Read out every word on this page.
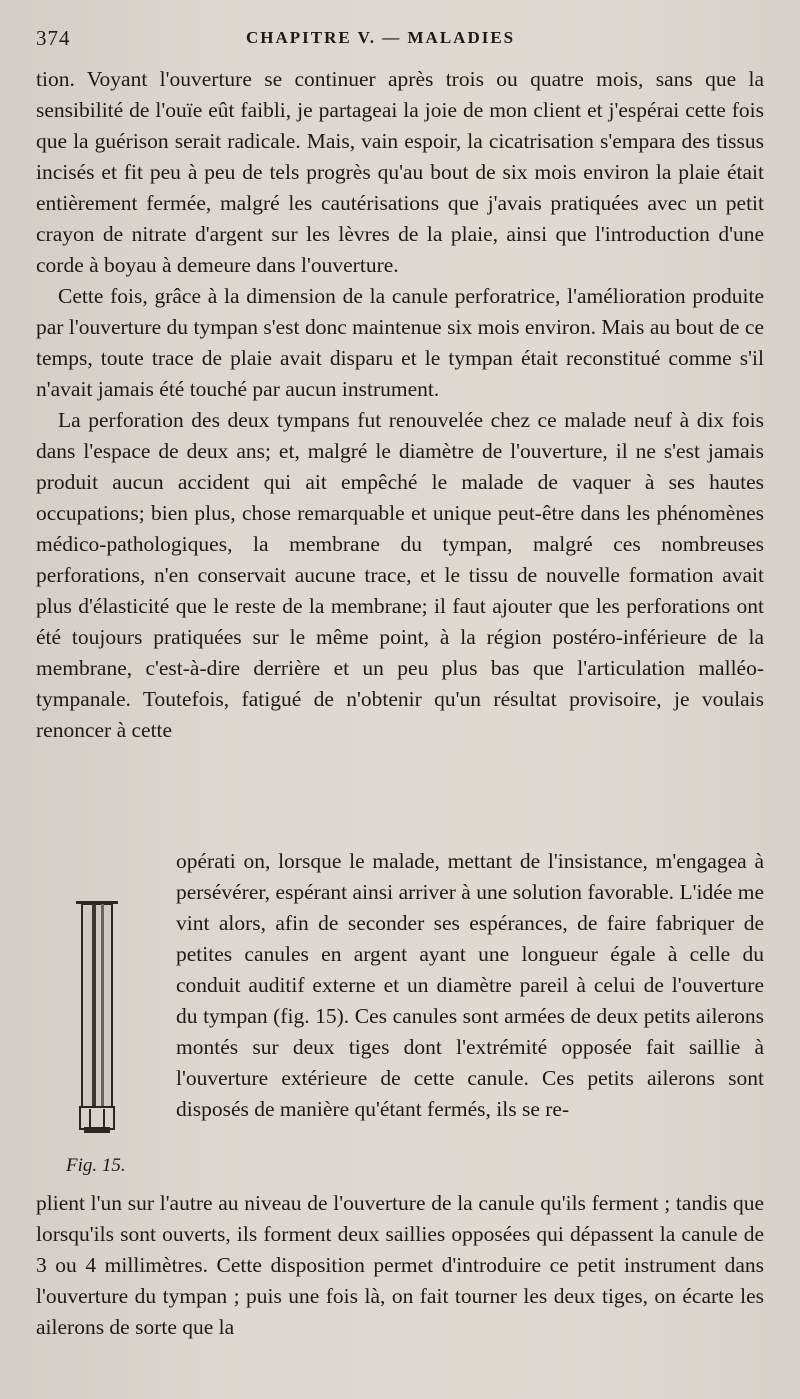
374	CHAPITRE V. — MALADIES

tion. Voyant l'ouverture se continuer après trois ou quatre mois, sans que la sensibilité de l'ouïe eût faibli, je partageai la joie de mon client et j'espérai cette fois que la guérison serait radicale. Mais, vain espoir, la cicatrisation s'empara des tissus incisés et fit peu à peu de tels progrès qu'au bout de six mois environ la plaie était entièrement fermée, malgré les cautérisations que j'avais pratiquées avec un petit crayon de nitrate d'argent sur les lèvres de la plaie, ainsi que l'introduction d'une corde à boyau à demeure dans l'ouverture.

Cette fois, grâce à la dimension de la canule perforatrice, l'amélioration produite par l'ouverture du tympan s'est donc maintenue six mois environ. Mais au bout de ce temps, toute trace de plaie avait disparu et le tympan était reconstitué comme s'il n'avait jamais été touché par aucun instrument.

La perforation des deux tympans fut renouvelée chez ce malade neuf à dix fois dans l'espace de deux ans; et, malgré le diamètre de l'ouverture, il ne s'est jamais produit aucun accident qui ait empêché le malade de vaquer à ses hautes occupations; bien plus, chose remarquable et unique peut-être dans les phénomènes médico-pathologiques, la membrane du tympan, malgré ces nombreuses perforations, n'en conservait aucune trace, et le tissu de nouvelle formation avait plus d'élasticité que le reste de la membrane; il faut ajouter que les perforations ont été toujours pratiquées sur le même point, à la région postéro-inférieure de la membrane, c'est-à-dire derrière et un peu plus bas que l'articulation malléo-tympanale. Toutefois, fatigué de n'obtenir qu'un résultat provisoire, je voulais renoncer à cette

Fig. 15.

opérati on, lorsque le malade, mettant de l'insistance, m'engagea à persévérer, espérant ainsi arriver à une solution favorable. L'idée me vint alors, afin de seconder ses espérances, de faire fabriquer de petites canules en argent ayant une longueur égale à celle du conduit auditif externe et un diamètre pareil à celui de l'ouverture du tympan (fig. 15). Ces canules sont armées de deux petits ailerons montés sur deux tiges dont l'extrémité opposée fait saillie à l'ouverture extérieure de cette canule. Ces petits ailerons sont disposés de manière qu'étant fermés, ils se re-

plient l'un sur l'autre au niveau de l'ouverture de la canule qu'ils ferment ; tandis que lorsqu'ils sont ouverts, ils forment deux saillies opposées qui dépassent la canule de 3 ou 4 millimètres. Cette disposition permet d'introduire ce petit instrument dans l'ouverture du tympan ; puis une fois là, on fait tourner les deux tiges, on écarte les ailerons de sorte que la
